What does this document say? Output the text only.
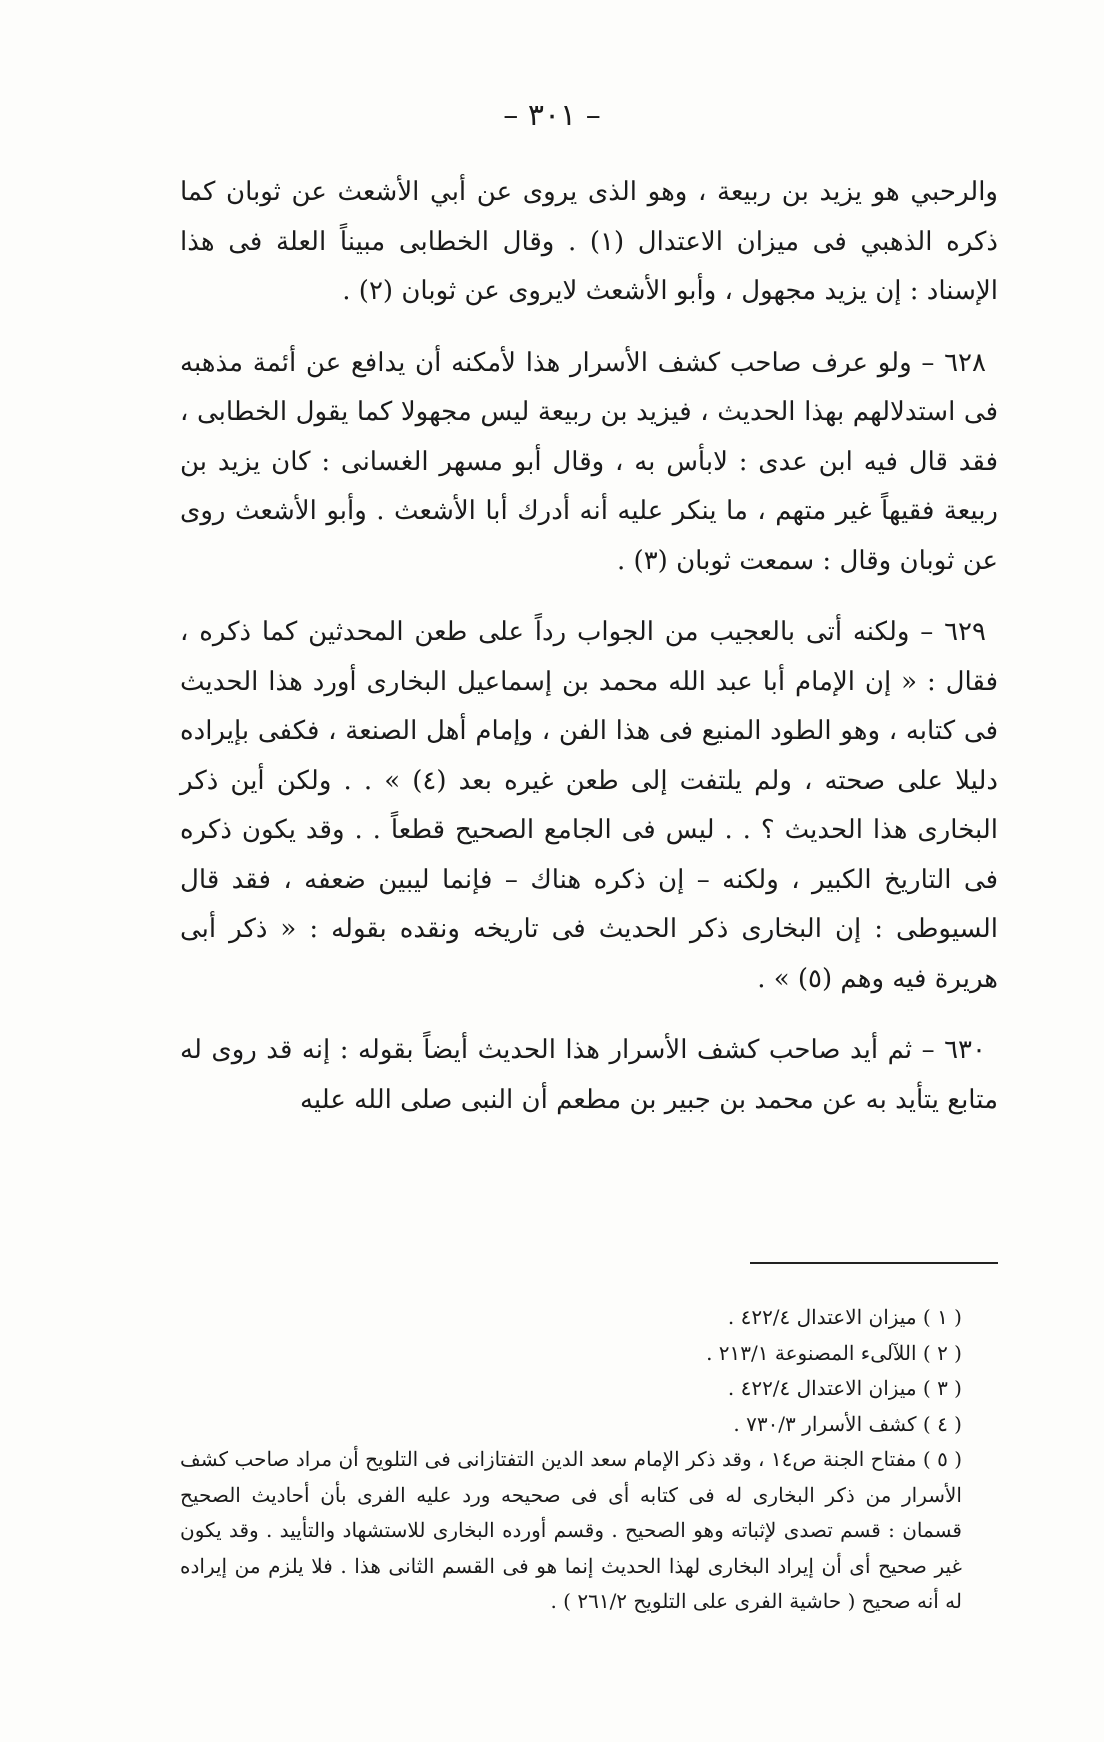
– ٣٠١ –

والرحبي هو يزيد بن ربيعة ، وهو الذى يروى عن أبي الأشعث عن ثوبان كما ذكره الذهبي فى ميزان الاعتدال (١) . وقال الخطابى مبيناً العلة فى هذا الإسناد : إن يزيد مجهول ، وأبو الأشعث لايروى عن ثوبان (٢) .

٦٢٨ – ولو عرف صاحب كشف الأسرار هذا لأمكنه أن يدافع عن أئمة مذهبه فى استدلالهم بهذا الحديث ، فيزيد بن ربيعة ليس مجهولا كما يقول الخطابى ، فقد قال فيه ابن عدى : لابأس به ، وقال أبو مسهر الغسانى : كان يزيد بن ربيعة فقيهاً غير متهم ، ما ينكر عليه أنه أدرك أبا الأشعث . وأبو الأشعث روى عن ثوبان وقال : سمعت ثوبان (٣) .

٦٢٩ – ولكنه أتى بالعجيب من الجواب رداً على طعن المحدثين كما ذكره ، فقال : « إن الإمام أبا عبد الله محمد بن إسماعيل البخارى أورد هذا الحديث فى كتابه ، وهو الطود المنيع فى هذا الفن ، وإمام أهل الصنعة ، فكفى بإيراده دليلا على صحته ، ولم يلتفت إلى طعن غيره بعد (٤) » . . ولكن أين ذكر البخارى هذا الحديث ؟ . . ليس فى الجامع الصحيح قطعاً . . وقد يكون ذكره فى التاريخ الكبير ، ولكنه – إن ذكره هناك – فإنما ليبين ضعفه ، فقد قال السيوطى : إن البخارى ذكر الحديث فى تاريخه ونقده بقوله : « ذكر أبى هريرة فيه وهم (٥) » .

٦٣٠ – ثم أيد صاحب كشف الأسرار هذا الحديث أيضاً بقوله : إنه قد روى له متابع يتأيد به عن محمد بن جبير بن مطعم أن النبى صلى الله عليه

( ١ ) ميزان الاعتدال ٤٢٢/٤ .

( ٢ ) اللآلىء المصنوعة ٢١٣/١ .

( ٣ ) ميزان الاعتدال ٤٢٢/٤ .

( ٤ ) كشف الأسرار ٧٣٠/٣ .

( ٥ ) مفتاح الجنة ص١٤ ، وقد ذكر الإمام سعد الدين التفتازانى فى التلويح أن مراد صاحب كشف الأسرار من ذكر البخارى له فى كتابه أى فى صحيحه ورد عليه الفرى بأن أحاديث الصحيح قسمان : قسم تصدى لإثباته وهو الصحيح . وقسم أورده البخارى للاستشهاد والتأييد . وقد يكون غير صحيح أى أن إيراد البخارى لهذا الحديث إنما هو فى القسم الثانى هذا . فلا يلزم من إيراده له أنه صحيح ( حاشية الفرى على التلويح ٢٦١/٢ ) .
